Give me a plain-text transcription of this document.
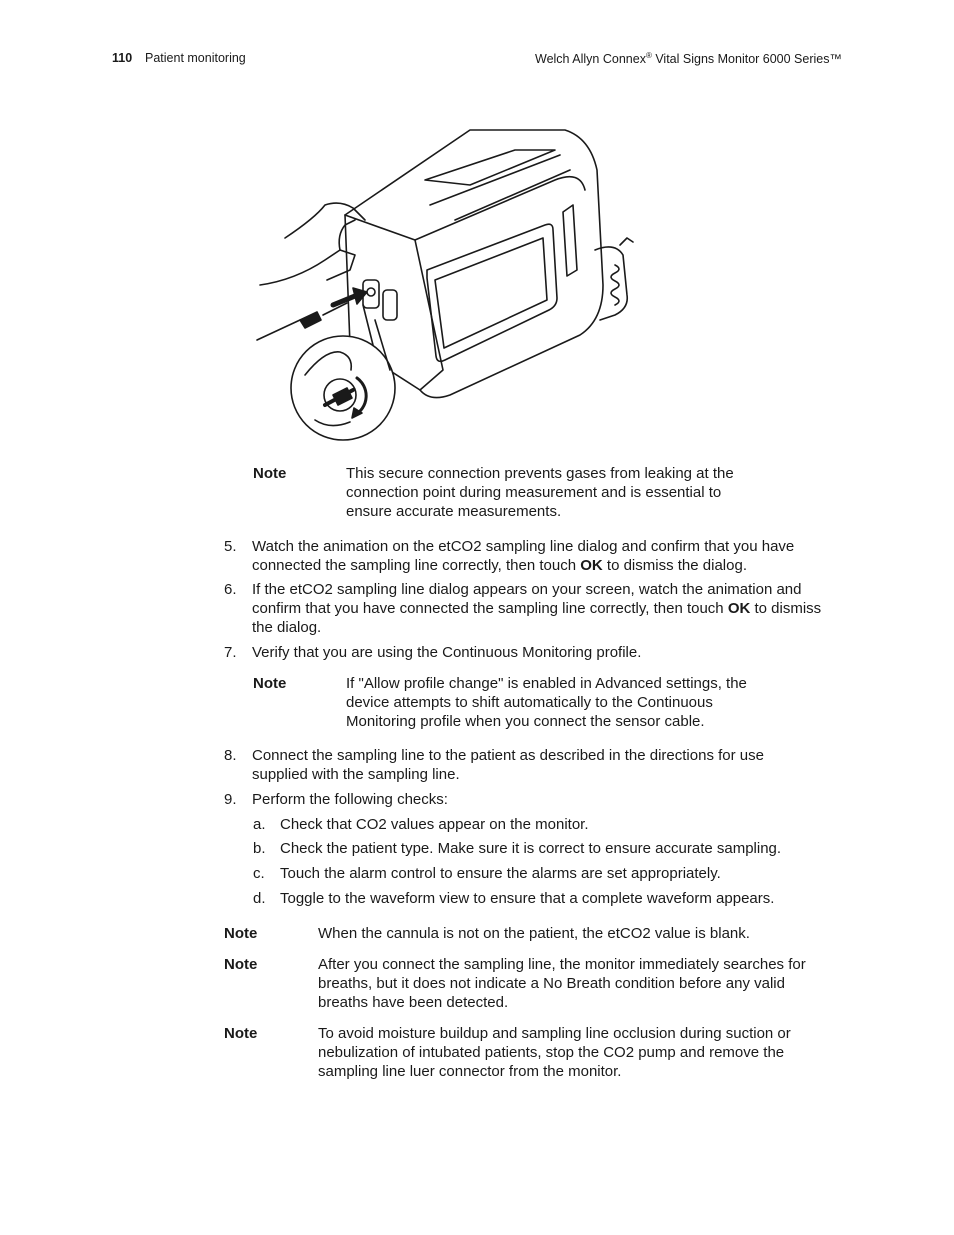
110 Patient monitoring	Welch Allyn Connex® Vital Signs Monitor 6000 Series™
Note	This secure connection prevents gases from leaking at the connection point during measurement and is essential to ensure accurate measurements.
5. Watch the animation on the etCO2 sampling line dialog and confirm that you have connected the sampling line correctly, then touch OK to dismiss the dialog.
6. If the etCO2 sampling line dialog appears on your screen, watch the animation and confirm that you have connected the sampling line correctly, then touch OK to dismiss the dialog.
7. Verify that you are using the Continuous Monitoring profile.
Note	If "Allow profile change" is enabled in Advanced settings, the device attempts to shift automatically to the Continuous Monitoring profile when you connect the sensor cable.
8. Connect the sampling line to the patient as described in the directions for use supplied with the sampling line.
9. Perform the following checks:
a. Check that CO2 values appear on the monitor.
b. Check the patient type. Make sure it is correct to ensure accurate sampling.
c. Touch the alarm control to ensure the alarms are set appropriately.
d. Toggle to the waveform view to ensure that a complete waveform appears.
Note	When the cannula is not on the patient, the etCO2 value is blank.
Note	After you connect the sampling line, the monitor immediately searches for breaths, but it does not indicate a No Breath condition before any valid breaths have been detected.
Note	To avoid moisture buildup and sampling line occlusion during suction or nebulization of intubated patients, stop the CO2 pump and remove the sampling line luer connector from the monitor.
